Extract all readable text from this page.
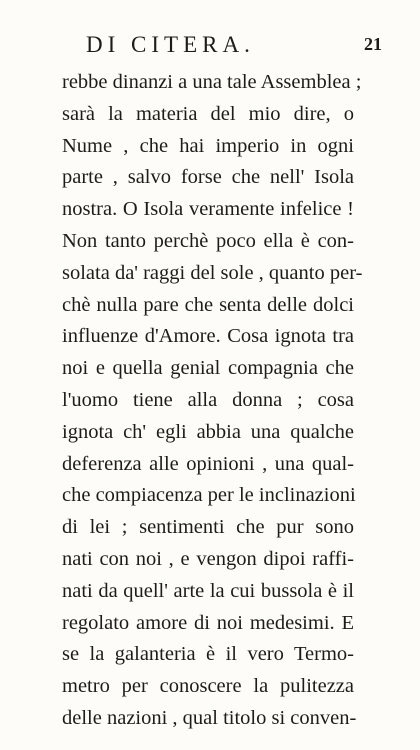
DI CITERA.	21
rebbe dinanzi a una tale Assemblea ;
sarà la materia del mio dire, o
Nume , che hai imperio in ogni
parte , salvo forse che nell' Isola
nostra. O Isola veramente infelice !
Non tanto perchè poco ella è con-
solata da' raggi del sole , quanto per-
chè nulla pare che senta delle dolci
influenze d'Amore. Cosa ignota tra
noi e quella genial compagnia che
l'uomo tiene alla donna ; cosa
ignota ch' egli abbia una qualche
deferenza alle opinioni , una qual-
che compiacenza per le inclinazioni
di lei ; sentimenti che pur sono
nati con noi , e vengon dipoi raffi-
nati da quell' arte la cui bussola è il
regolato amore di noi medesimi. E
se la galanteria è il vero Termo-
metro per conoscere la pulitezza
delle nazioni , qual titolo si conven-
